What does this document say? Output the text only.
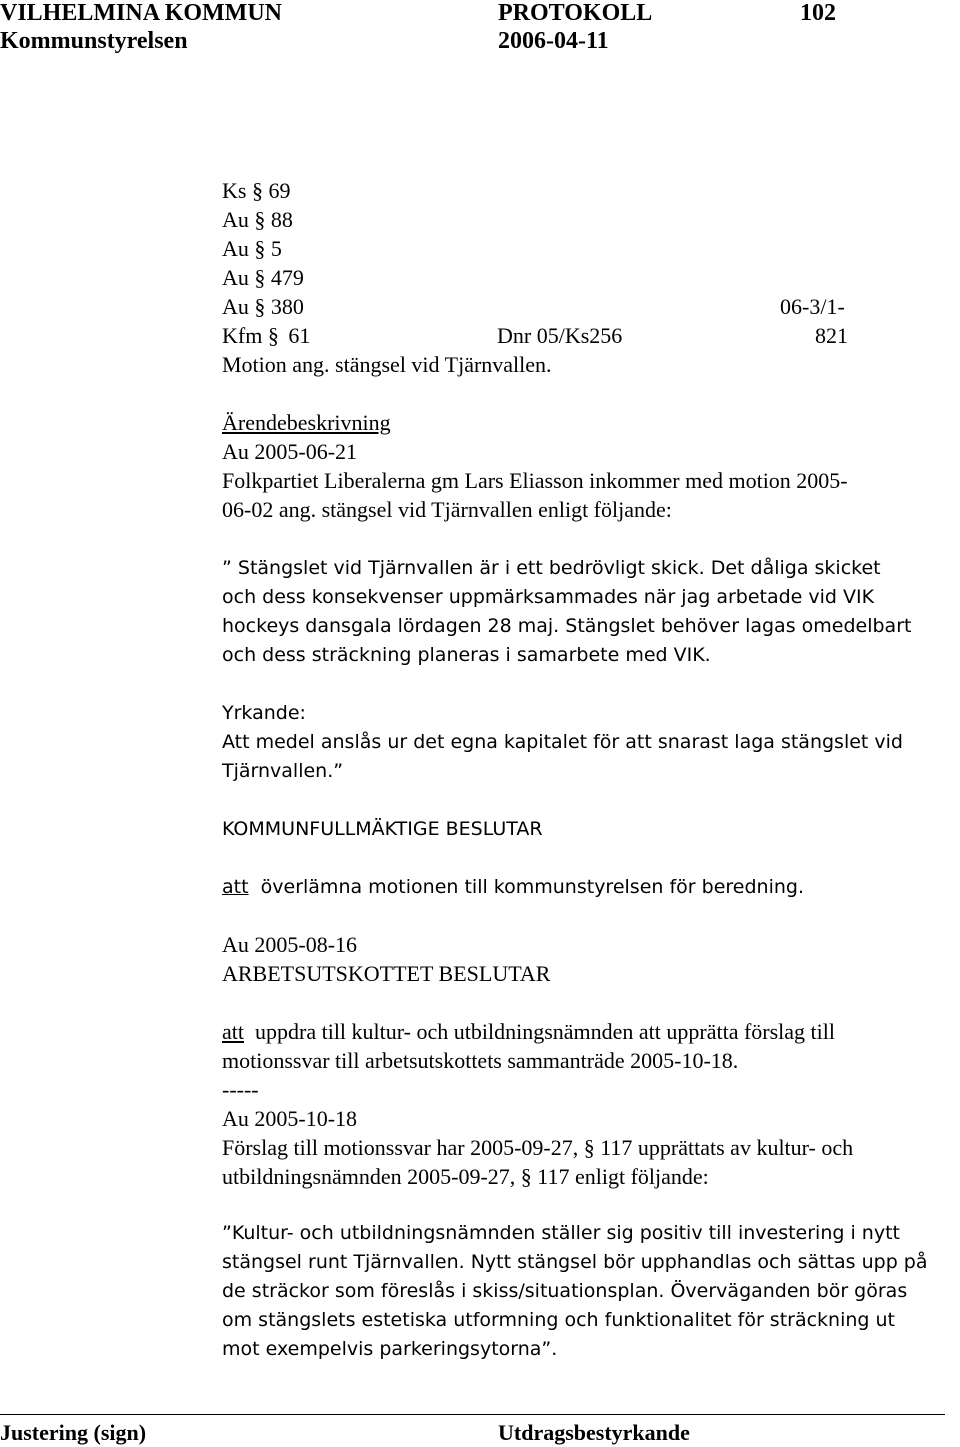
VILHELMINA KOMMUN	PROTOKOLL	102
Kommunstyrelsen	2006-04-11
Ks § 69
Au § 88
Au § 5
Au § 479
Au § 380
Kfm § 61	Dnr 05/Ks256
06-3/1-
821
Motion ang. stängsel vid Tjärnvallen.
Ärendebeskrivning
Au 2005-06-21
Folkpartiet Liberalerna gm Lars Eliasson inkommer med motion 2005-
06-02 ang. stängsel vid Tjärnvallen enligt följande:
” Stängslet vid Tjärnvallen är i ett bedrövligt skick. Det dåliga skicket
och dess konsekvenser uppmärksammades när jag arbetade vid VIK
hockeys dansgala lördagen 28 maj. Stängslet behöver lagas omedelbart
och dess sträckning planeras i samarbete med VIK.
Yrkande:
Att medel anslås ur det egna kapitalet för att snarast laga stängslet vid
Tjärnvallen.”
KOMMUNFULLMÄKTIGE BESLUTAR
att överlämna motionen till kommunstyrelsen för beredning.
Au 2005-08-16
ARBETSUTSKOTTET BESLUTAR
att uppdra till kultur- och utbildningsnämnden att upprätta förslag till
motionssvar till arbetsutskottets sammanträde 2005-10-18.
-----
Au 2005-10-18
Förslag till motionssvar har 2005-09-27, § 117 upprättats av kultur- och
utbildningsnämnden 2005-09-27, § 117 enligt följande:
”Kultur- och utbildningsnämnden ställer sig positiv till investering i nytt
stängsel runt Tjärnvallen. Nytt stängsel bör upphandlas och sättas upp på
de sträckor som föreslås i skiss/situationsplan. Överväganden bör göras
om stängslets estetiska utformning och funktionalitet för sträckning ut
mot exempelvis parkeringsytorna”.
Justering (sign)	Utdragsbestyrkande
